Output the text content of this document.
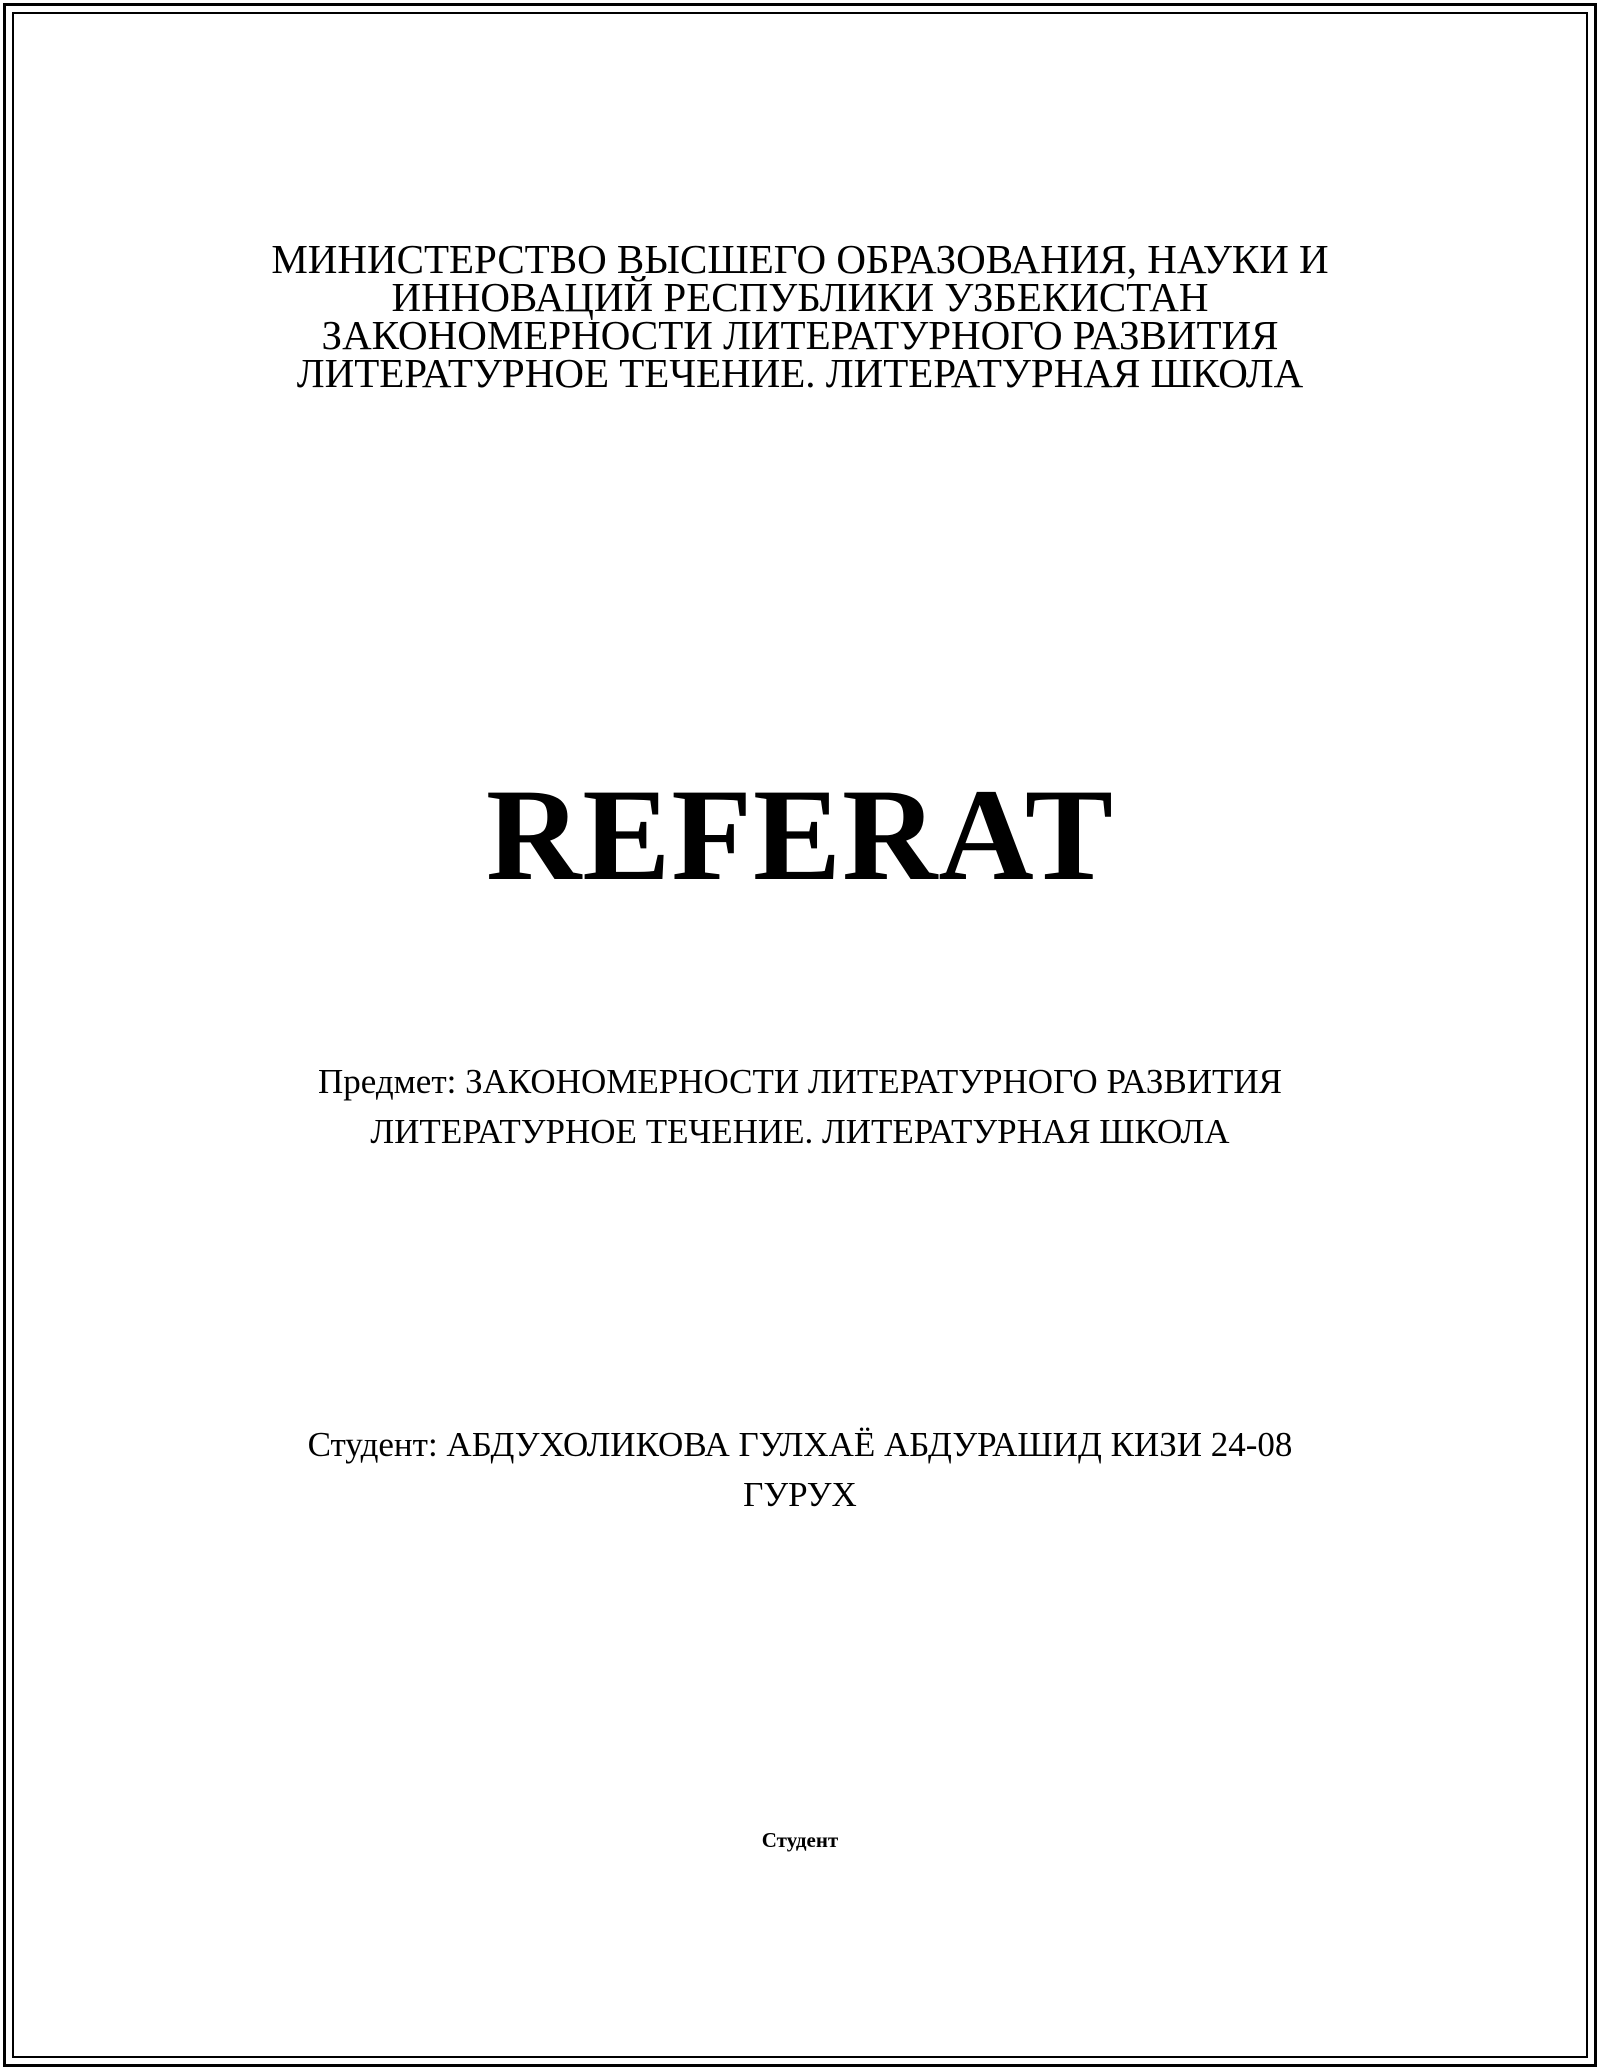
МИНИСТЕРСТВО ВЫСШЕГО ОБРАЗОВАНИЯ, НАУКИ И
ИННОВАЦИЙ РЕСПУБЛИКИ УЗБЕКИСТАН
ЗАКОНОМЕРНОСТИ ЛИТЕРАТУРНОГО РАЗВИТИЯ
ЛИТЕРАТУРНОЕ ТЕЧЕНИЕ. ЛИТЕРАТУРНАЯ ШКОЛА
REFERAT
Предмет: ЗАКОНОМЕРНОСТИ ЛИТЕРАТУРНОГО РАЗВИТИЯ
ЛИТЕРАТУРНОЕ ТЕЧЕНИЕ. ЛИТЕРАТУРНАЯ ШКОЛА
Студент: АБДУХОЛИКОВА ГУЛХАЁ АБДУРАШИД КИЗИ 24-08
ГУРУХ
Студент
